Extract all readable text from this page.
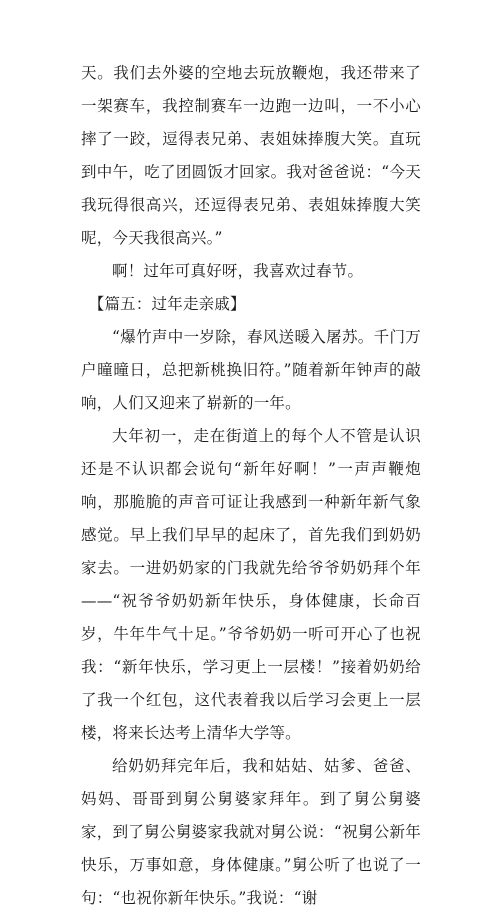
天。我们去外婆的空地去玩放鞭炮，我还带来了一架赛车，我控制赛车一边跑一边叫，一不小心摔了一跤，逗得表兄弟、表姐妹捧腹大笑。直玩到中午，吃了团圆饭才回家。我对爸爸说：“今天我玩得很高兴，还逗得表兄弟、表姐妹捧腹大笑呢，今天我很高兴。”

啊！过年可真好呀，我喜欢过春节。

【篇五：过年走亲戚】

“爆竹声中一岁除，春风送暖入屠苏。千门万户曈曈日，总把新桃换旧符。”随着新年钟声的敲响，人们又迎来了崭新的一年。

大年初一，走在街道上的每个人不管是认识还是不认识都会说句“新年好啊！”一声声鞭炮响，那脆脆的声音可证让我感到一种新年新气象感觉。早上我们早早的起床了，首先我们到奶奶家去。一进奶奶家的门我就先给爷爷奶奶拜个年——“祝爷爷奶奶新年快乐，身体健康，长命百岁，牛年牛气十足。”爷爷奶奶一听可开心了也祝我：“新年快乐，学习更上一层楼！”接着奶奶给了我一个红包，这代表着我以后学习会更上一层楼，将来长达考上清华大学等。

给奶奶拜完年后，我和姑姑、姑爹、爸爸、妈妈、哥哥到舅公舅婆家拜年。到了舅公舅婆家，到了舅公舅婆家我就对舅公说：“祝舅公新年快乐，万事如意，身体健康。”舅公听了也说了一句：“也祝你新年快乐。”我说：“谢
